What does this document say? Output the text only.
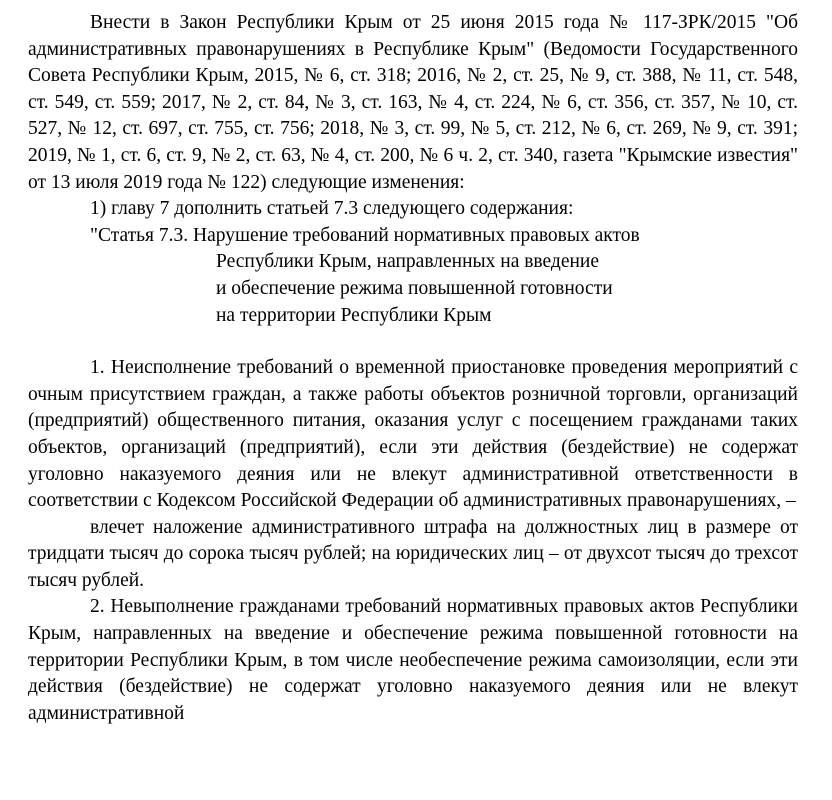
Внести в Закон Республики Крым от 25 июня 2015 года № 117-ЗРК/2015 "Об административных правонарушениях в Республике Крым" (Ведомости Государственного Совета Республики Крым, 2015, № 6, ст. 318; 2016, № 2, ст. 25, № 9, ст. 388, № 11, ст. 548, ст. 549, ст. 559; 2017, № 2, ст. 84, № 3, ст. 163, № 4, ст. 224, № 6, ст. 356, ст. 357, № 10, ст. 527, № 12, ст. 697, ст. 755, ст. 756; 2018, № 3, ст. 99, № 5, ст. 212, № 6, ст. 269, № 9, ст. 391; 2019, № 1, ст. 6, ст. 9, № 2, ст. 63, № 4, ст. 200, № 6 ч. 2, ст. 340, газета "Крымские известия" от 13 июля 2019 года № 122) следующие изменения:

1) главу 7 дополнить статьей 7.3 следующего содержания:

"Статья 7.3. Нарушение требований нормативных правовых актов
Республики Крым, направленных на введение
и обеспечение режима повышенной готовности
на территории Республики Крым

1. Неисполнение требований о временной приостановке проведения мероприятий с очным присутствием граждан, а также работы объектов розничной торговли, организаций (предприятий) общественного питания, оказания услуг с посещением гражданами таких объектов, организаций (предприятий), если эти действия (бездействие) не содержат уголовно наказуемого деяния или не влекут административной ответственности в соответствии с Кодексом Российской Федерации об административных правонарушениях, –

влечет наложение административного штрафа на должностных лиц в размере от тридцати тысяч до сорока тысяч рублей; на юридических лиц – от двухсот тысяч до трехсот тысяч рублей.

2. Невыполнение гражданами требований нормативных правовых актов Республики Крым, направленных на введение и обеспечение режима повышенной готовности на территории Республики Крым, в том числе необеспечение режима самоизоляции, если эти действия (бездействие) не содержат уголовно наказуемого деяния или не влекут административной
